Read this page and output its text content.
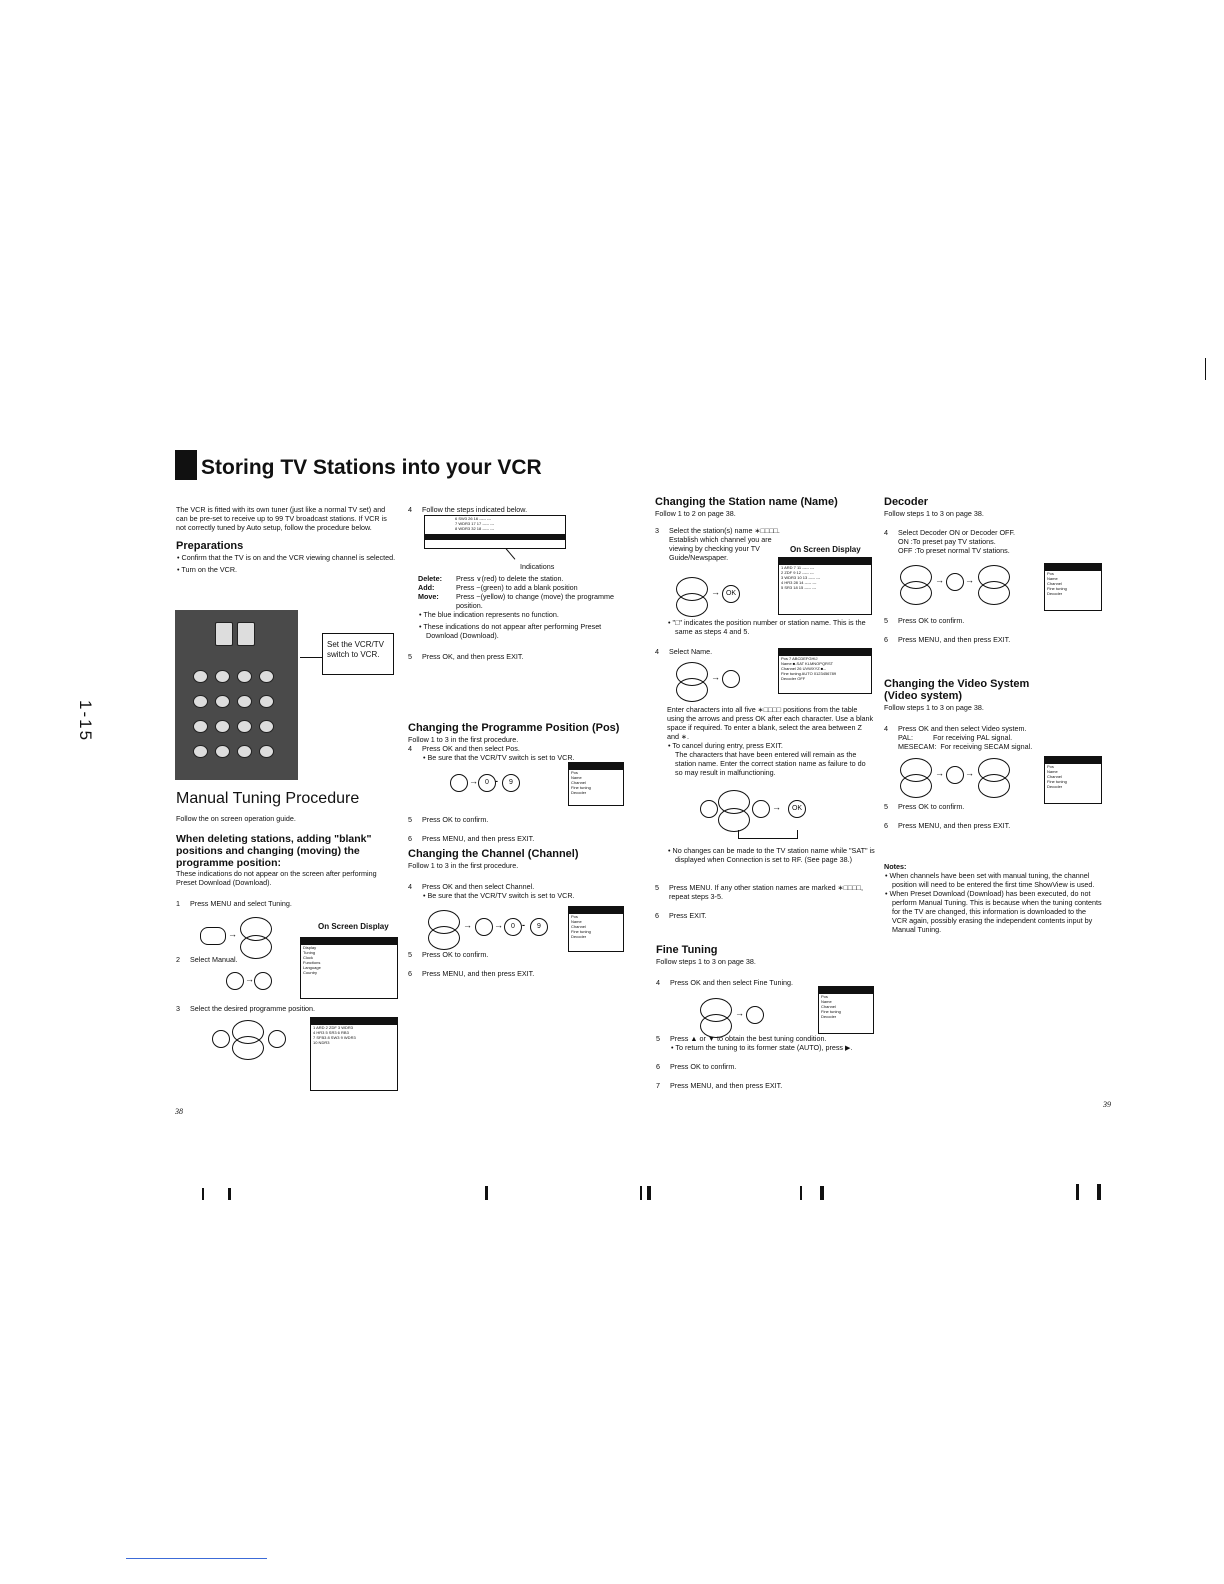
Storing TV Stations into your VCR
1-15

The VCR is fitted with its own tuner (just like a normal TV set) and can be pre-set to receive up to 99 TV broadcast stations. If VCR is not correctly tuned by Auto setup, follow the procedure below.

Preparations

• Confirm that the TV is on and the VCR viewing channel is selected.

• Turn on the VCR.

Set the VCR/TV switch to VCR.
Manual Tuning Procedure

Follow the on screen operation guide.

When deleting stations, adding "blank" positions and changing (moving) the programme position:

These indications do not appear on the screen after performing Preset Download (Download).

1	Press MENU and select Tuning.
On Screen Display
→
Display
Tuning
Clock
Functions
Language
Country
2	Select Manual.
→
3	Select the desired programme position.
1 ARD 2 ZDF 3 WDR3
4 HR3 5 SR3 6 RB3
7 SFB3 8 SW3 9 WDR3
10 NDR3
38
4	Follow the steps indicated below.
6 SW3 26 16 ----- ---
7 WDR3 17 17 ----- ---
8 WDR3 32 18 ----- ---

Indications

Delete:	Press ∨(red) to delete the station.
Add:	Press ~(green) to add a blank position
Move:	Press ~(yellow) to change (move) the programme position.

• The blue indication represents no function.

• These indications do not appear after performing Preset Download (Download).

5	Press OK, and then press EXIT.
Changing the Programme Position (Pos)

Follow 1 to 3 in the first procedure.

4	Press OK and then select Pos.

• Be sure that the VCR/TV switch is set to VCR.

→	0 -	9
Pos
Name
Channel
Fine tuning
Decoder
5	Press OK to confirm.
6	Press MENU, and then press EXIT.
Changing the Channel (Channel)

Follow 1 to 3 in the first procedure.

4	Press OK and then select Channel.

• Be sure that the VCR/TV switch is set to VCR.

→ →	0 -	9
Pos
Name
Channel
Fine tuning
Decoder
5	Press OK to confirm.
6	Press MENU, and then press EXIT.
Changing the Station name (Name)

Follow 1 to 2 on page 38.

3	Select the station(s) name ∗□□□□. Establish which channel you are viewing by checking your TV Guide/Newspaper.
On Screen Display
→ OK
1 ARD 7 11 ----- ---
2 ZDF 9 12 ----- ---
3 WDR3 10 13 ----- ---
4 HR3 28 14 ----- ---
5 SR3 18 15 ----- ---

• "□" indicates the position number or station name. This is the same as steps 4 and 5.

4	Select Name.
→
Pos 7 ABCDEFGHIJ
Name ■-SAT KLMNOPQRST
Channel 26 UVWXYZ ■--
Fine tuning AUTO 0123456789
Decoder OFF

Enter characters into all five ∗□□□□ positions from the table using the arrows and press OK after each character. Use a blank space if required. To enter a blank, select the area between Z and ∗.

• To cancel during entry, press EXIT.

The characters that have been entered will remain as the station name. Enter the correct station name as failure to do so may result in malfunctioning.

→	OK

• No changes can be made to the TV station name while "SAT" is displayed when Connection is set to RF. (See page 38.)

5	Press MENU. If any other station names are marked ∗□□□□, repeat steps 3-5.
6	Press EXIT.
Fine Tuning

Follow steps 1 to 3 on page 38.

4	Press OK and then select Fine Tuning.
→
Pos
Name
Channel
Fine tuning
Decoder
5	Press ▲ or ▼ to obtain the best tuning condition.

• To return the tuning to its former state (AUTO), press ▶.

6	Press OK to confirm.
7	Press MENU, and then press EXIT.
Decoder

Follow steps 1 to 3 on page 38.

4	Select Decoder ON or Decoder OFF.

ON :To preset pay TV stations.

OFF :To preset normal TV stations.

→ →
Pos
Name
Channel
Fine tuning
Decoder
5	Press OK to confirm.
6	Press MENU, and then press EXIT.
Changing the Video System (Video system)

Follow steps 1 to 3 on page 38.

4	Press OK and then select Video system.

PAL:          For receiving PAL signal.

MESECAM:  For receiving SECAM signal.

→ →
Pos
Name
Channel
Fine tuning
Decoder
5	Press OK to confirm.
6	Press MENU, and then press EXIT.

Notes:

• When channels have been set with manual tuning, the channel position will need to be entered the first time ShowView is used.

• When Preset Download (Download) has been executed, do not perform Manual Tuning. This is because when the tuning contents for the TV are changed, this information is downloaded to the VCR again, possibly erasing the independent contents input by Manual Tuning.

39
